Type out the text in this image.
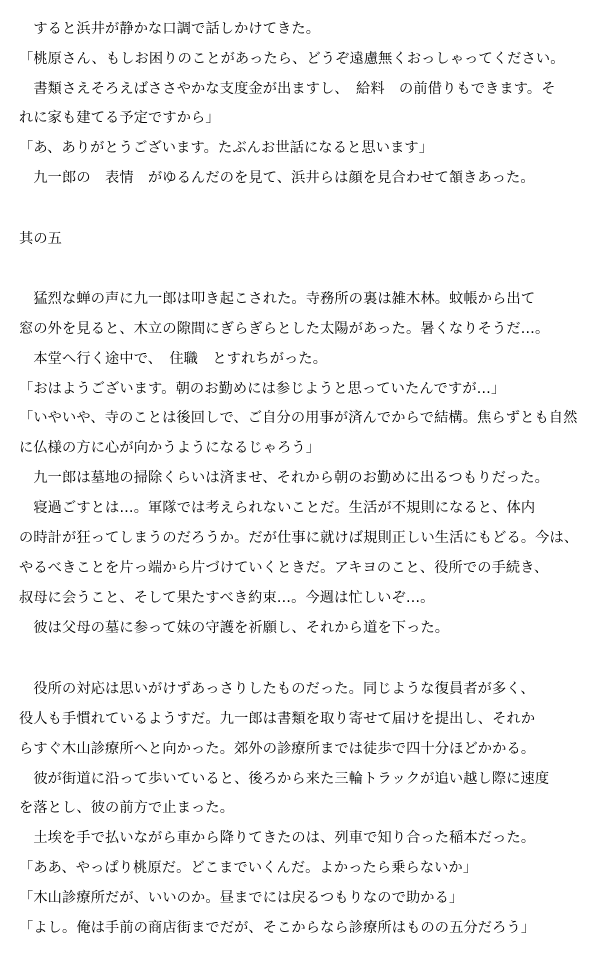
　すると浜井が静かな口調で話しかけてきた。
「桃原さん、もしお困りのことがあったら、どうぞ遠慮無くおっしゃってください。
　書類さえそろえばささやかな支度金が出ますし、　給料　の前借りもできます。そ
れに家も建てる予定ですから」
「あ、ありがとうございます。たぶんお世話になると思います」
　九一郎の　表情　がゆるんだのを見て、浜井らは顔を見合わせて頷きあった。
其の五
　猛烈な蝉の声に九一郎は叩き起こされた。寺務所の裏は雑木林。蚊帳から出て
窓の外を見ると、木立の隙間にぎらぎらとした太陽があった。暑くなりそうだ…。
　本堂へ行く途中で、　住職　とすれちがった。
「おはようございます。朝のお勤めには参じようと思っていたんですが…」
「いやいや、寺のことは後回しで、ご自分の用事が済んでからで結構。焦らずとも自然
に仏様の方に心が向かうようになるじゃろう」
　九一郎は墓地の掃除くらいは済ませ、それから朝のお勤めに出るつもりだった。
　寝過ごすとは…。軍隊では考えられないことだ。生活が不規則になると、体内
の時計が狂ってしまうのだろうか。だが仕事に就けば規則正しい生活にもどる。今は、
やるべきことを片っ端から片づけていくときだ。アキヨのこと、役所での手続き、
叔母に会うこと、そして果たすべき約束…。今週は忙しいぞ…。
　彼は父母の墓に参って妹の守護を祈願し、それから道を下った。
　役所の対応は思いがけずあっさりしたものだった。同じような復員者が多く、
役人も手慣れているようすだ。九一郎は書類を取り寄せて届けを提出し、それか
らすぐ木山診療所へと向かった。郊外の診療所までは徒歩で四十分ほどかかる。
　彼が街道に沿って歩いていると、後ろから来た三輪トラックが追い越し際に速度
を落とし、彼の前方で止まった。
　土埃を手で払いながら車から降りてきたのは、列車で知り合った稲本だった。
「ああ、やっぱり桃原だ。どこまでいくんだ。よかったら乗らないか」
「木山診療所だが、いいのか。昼までには戻るつもりなので助かる」
「よし。俺は手前の商店街までだが、そこからなら診療所はものの五分だろう」
